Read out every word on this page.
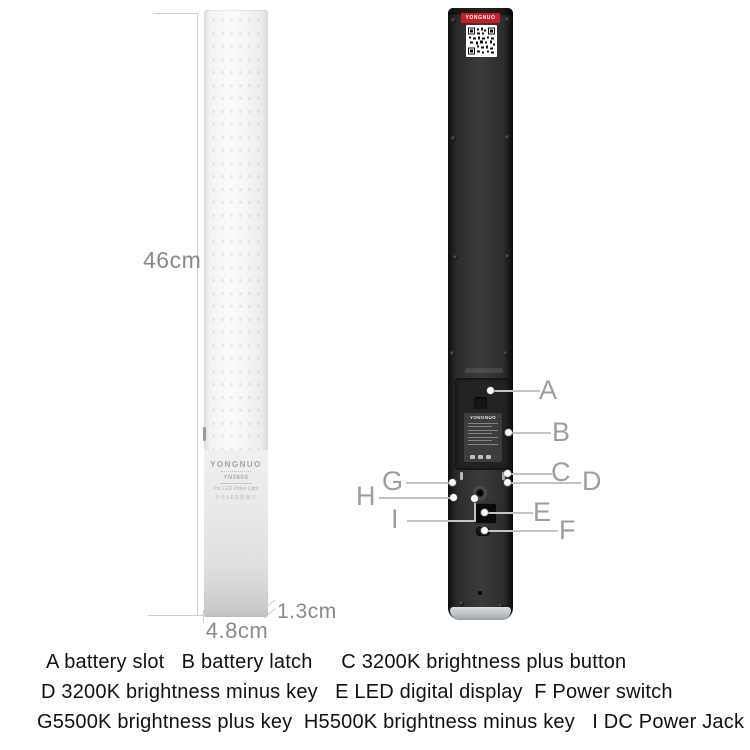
YONGNUO
YN360S
Pro LED Video Light
专业LED摄像灯
46cm
4.8cm
1.3cm
YONGNUO
YONGNUO
A
B
C D
E
F
G
H
I
A battery slot   B battery latch     C 3200K brightness plus button
D 3200K brightness minus key   E LED digital display  F Power switch
G5500K brightness plus key  H5500K brightness minus key   I DC Power Jack
